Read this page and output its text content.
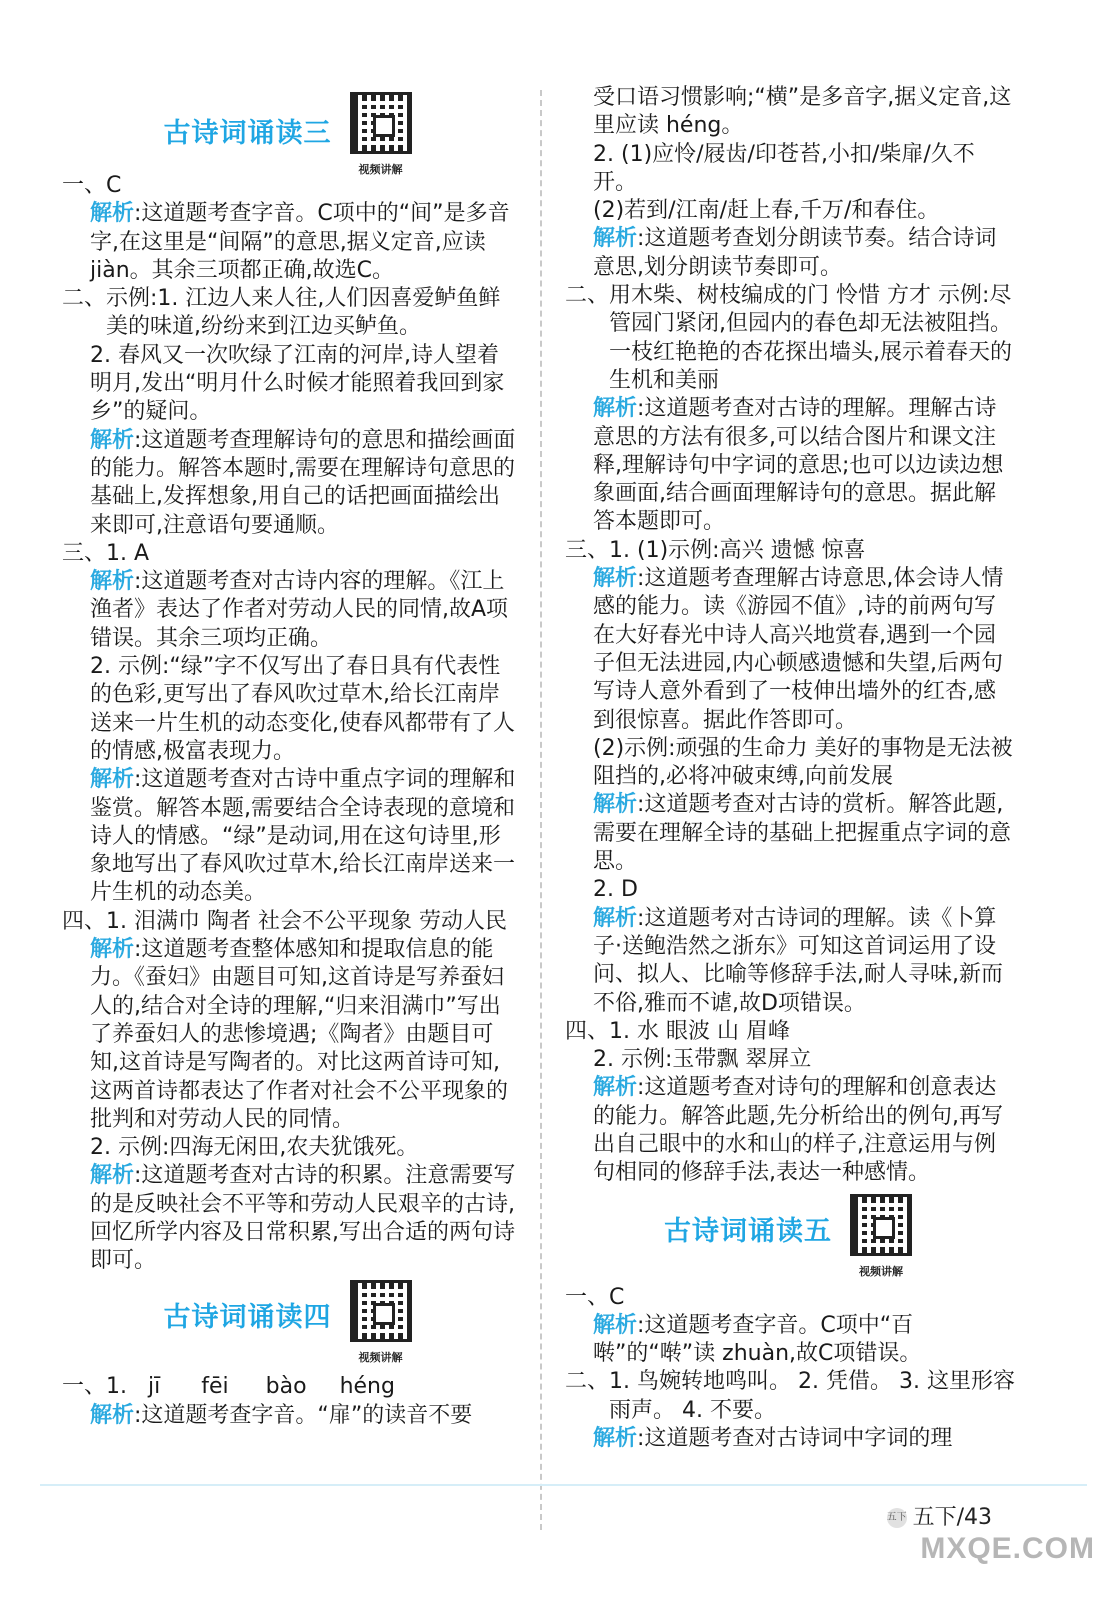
古诗词诵读三
视频讲解

一、C

解析:这道题考查字音。C项中的“间”是多音字,在这里是“间隔”的意思,据义定音,应读 jiàn。其余三项都正确,故选C。

二、 示例:1. 江边人来人往,人们因喜爱鲈鱼鲜美的味道,纷纷来到江边买鲈鱼。

2. 春风又一次吹绿了江南的河岸,诗人望着明月,发出“明月什么时候才能照着我回到家乡”的疑问。

解析:这道题考查理解诗句的意思和描绘画面的能力。解答本题时,需要在理解诗句意思的基础上,发挥想象,用自己的话把画面描绘出来即可,注意语句要通顺。

三、 1. A

解析:这道题考查对古诗内容的理解。《江上渔者》表达了作者对劳动人民的同情,故A项错误。其余三项均正确。

2. 示例:“绿”字不仅写出了春日具有代表性的色彩,更写出了春风吹过草木,给长江南岸送来一片生机的动态变化,使春风都带有了人的情感,极富表现力。

解析:这道题考查对古诗中重点字词的理解和鉴赏。解答本题,需要结合全诗表现的意境和诗人的情感。“绿”是动词,用在这句诗里,形象地写出了春风吹过草木,给长江南岸送来一片生机的动态美。

四、 1. 泪满巾 陶者 社会不公平现象 劳动人民

解析:这道题考查整体感知和提取信息的能力。《蚕妇》由题目可知,这首诗是写养蚕妇人的,结合对全诗的理解,“归来泪满巾”写出了养蚕妇人的悲惨境遇;《陶者》由题目可知,这首诗是写陶者的。对比这两首诗可知,这两首诗都表达了作者对社会不公平现象的批判和对劳动人民的同情。

2. 示例:四海无闲田,农夫犹饿死。

解析:这道题考查对古诗的积累。注意需要写的是反映社会不平等和劳动人民艰辛的古诗,回忆所学内容及日常积累,写出合适的两句诗即可。

古诗词诵读四
视频讲解

一、1. jī fēi bào héng

解析:这道题考查字音。“扉”的读音不要

受口语习惯影响;“横”是多音字,据义定音,这里应读 héng。

2. (1)应怜/屐齿/印苍苔,小扣/柴扉/久不开。

(2)若到/江南/赶上春,千万/和春住。

解析:这道题考查划分朗读节奏。结合诗词意思,划分朗读节奏即可。

二、 用木柴、树枝编成的门 怜惜 方才 示例:尽管园门紧闭,但园内的春色却无法被阻挡。一枝红艳艳的杏花探出墙头,展示着春天的生机和美丽

解析:这道题考查对古诗的理解。理解古诗意思的方法有很多,可以结合图片和课文注释,理解诗句中字词的意思;也可以边读边想象画面,结合画面理解诗句的意思。据此解答本题即可。

三、 1. (1)示例:高兴 遗憾 惊喜

解析:这道题考查理解古诗意思,体会诗人情感的能力。读《游园不值》,诗的前两句写在大好春光中诗人高兴地赏春,遇到一个园子但无法进园,内心顿感遗憾和失望,后两句写诗人意外看到了一枝伸出墙外的红杏,感到很惊喜。据此作答即可。

(2)示例:顽强的生命力 美好的事物是无法被阻挡的,必将冲破束缚,向前发展

解析:这道题考查对古诗的赏析。解答此题,需要在理解全诗的基础上把握重点字词的意思。

2. D

解析:这道题考对古诗词的理解。读《卜算子·送鲍浩然之浙东》可知这首词运用了设问、拟人、比喻等修辞手法,耐人寻味,新而不俗,雅而不谑,故D项错误。

四、 1. 水 眼波 山 眉峰

2. 示例:玉带飘 翠屏立

解析:这道题考查对诗句的理解和创意表达的能力。解答此题,先分析给出的例句,再写出自己眼中的水和山的样子,注意运用与例句相同的修辞手法,表达一种感情。

古诗词诵读五
视频讲解

一、C

解析:这道题考查字音。C项中“百啭”的“啭”读 zhuàn,故C项错误。

二、 1. 鸟婉转地鸣叫。 2. 凭借。 3. 这里形容雨声。 4. 不要。

解析:这道题考查对古诗词中字词的理

五下 五下/43
MXQE.COM
